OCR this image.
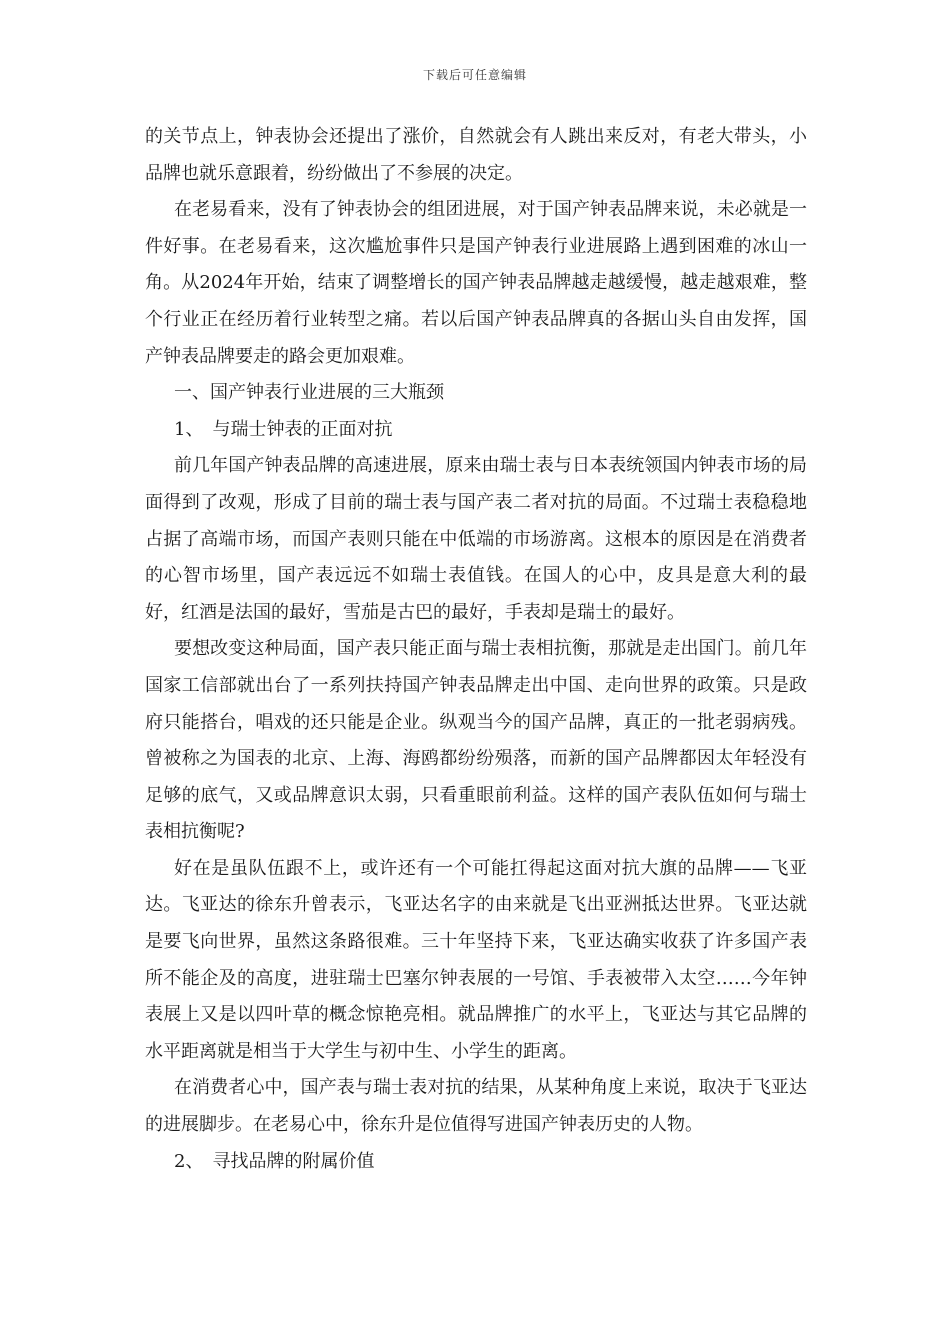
下载后可任意编辑

的关节点上，钟表协会还提出了涨价，自然就会有人跳出来反对，有老大带头，小品牌也就乐意跟着，纷纷做出了不参展的决定。

在老易看来，没有了钟表协会的组团进展，对于国产钟表品牌来说，未必就是一件好事。在老易看来，这次尴尬事件只是国产钟表行业进展路上遇到困难的冰山一角。从2024年开始，结束了调整增长的国产钟表品牌越走越缓慢，越走越艰难，整个行业正在经历着行业转型之痛。若以后国产钟表品牌真的各据山头自由发挥，国产钟表品牌要走的路会更加艰难。

一、国产钟表行业进展的三大瓶颈

1、　与瑞士钟表的正面对抗

前几年国产钟表品牌的高速进展，原来由瑞士表与日本表统领国内钟表市场的局面得到了改观，形成了目前的瑞士表与国产表二者对抗的局面。不过瑞士表稳稳地占据了高端市场，而国产表则只能在中低端的市场游离。这根本的原因是在消费者的心智市场里，国产表远远不如瑞士表值钱。在国人的心中，皮具是意大利的最好，红酒是法国的最好，雪茄是古巴的最好，手表却是瑞士的最好。

要想改变这种局面，国产表只能正面与瑞士表相抗衡，那就是走出国门。前几年国家工信部就出台了一系列扶持国产钟表品牌走出中国、走向世界的政策。只是政府只能搭台，唱戏的还只能是企业。纵观当今的国产品牌，真正的一批老弱病残。曾被称之为国表的北京、上海、海鸥都纷纷殒落，而新的国产品牌都因太年轻没有足够的底气，又或品牌意识太弱，只看重眼前利益。这样的国产表队伍如何与瑞士表相抗衡呢?

好在是虽队伍跟不上，或许还有一个可能扛得起这面对抗大旗的品牌——飞亚达。飞亚达的徐东升曾表示，飞亚达名字的由来就是飞出亚洲抵达世界。飞亚达就是要飞向世界，虽然这条路很难。三十年坚持下来，飞亚达确实收获了许多国产表所不能企及的高度，进驻瑞士巴塞尔钟表展的一号馆、手表被带入太空……今年钟表展上又是以四叶草的概念惊艳亮相。就品牌推广的水平上，飞亚达与其它品牌的水平距离就是相当于大学生与初中生、小学生的距离。

在消费者心中，国产表与瑞士表对抗的结果，从某种角度上来说，取决于飞亚达的进展脚步。在老易心中，徐东升是位值得写进国产钟表历史的人物。

2、　寻找品牌的附属价值
